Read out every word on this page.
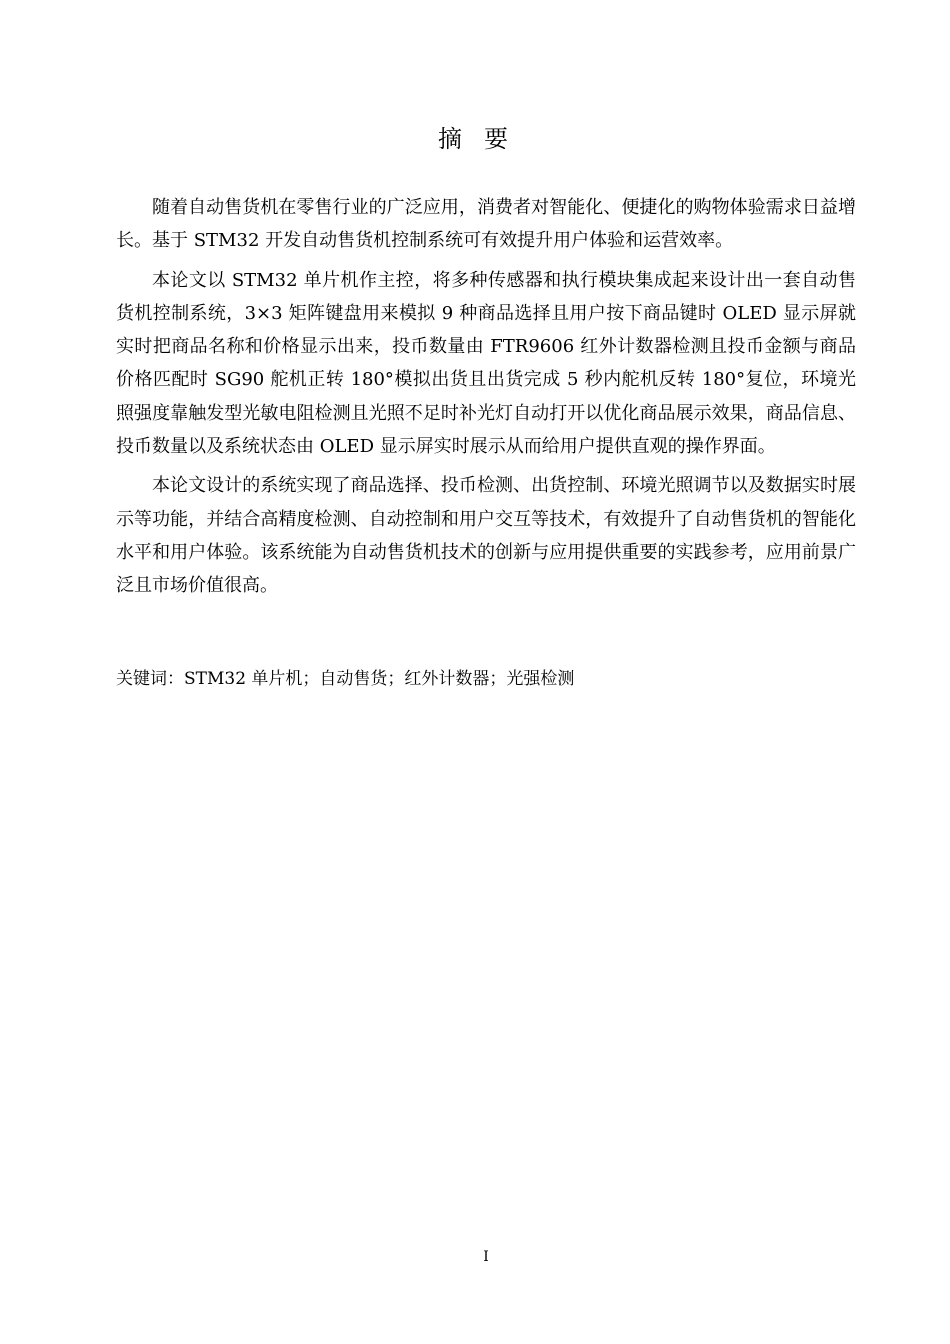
摘要

随着自动售货机在零售行业的广泛应用，消费者对智能化、便捷化的购物体验需求日益增长。基于 STM32 开发自动售货机控制系统可有效提升用户体验和运营效率。

本论文以 STM32 单片机作主控，将多种传感器和执行模块集成起来设计出一套自动售货机控制系统，3×3 矩阵键盘用来模拟 9 种商品选择且用户按下商品键时 OLED 显示屏就实时把商品名称和价格显示出来，投币数量由 FTR9606 红外计数器检测且投币金额与商品价格匹配时 SG90 舵机正转 180°模拟出货且出货完成 5 秒内舵机反转 180°复位，环境光照强度靠触发型光敏电阻检测且光照不足时补光灯自动打开以优化商品展示效果，商品信息、投币数量以及系统状态由 OLED 显示屏实时展示从而给用户提供直观的操作界面。

本论文设计的系统实现了商品选择、投币检测、出货控制、环境光照调节以及数据实时展示等功能，并结合高精度检测、自动控制和用户交互等技术，有效提升了自动售货机的智能化水平和用户体验。该系统能为自动售货机技术的创新与应用提供重要的实践参考，应用前景广泛且市场价值很高。

关键词：STM32 单片机；自动售货；红外计数器；光强检测
I
